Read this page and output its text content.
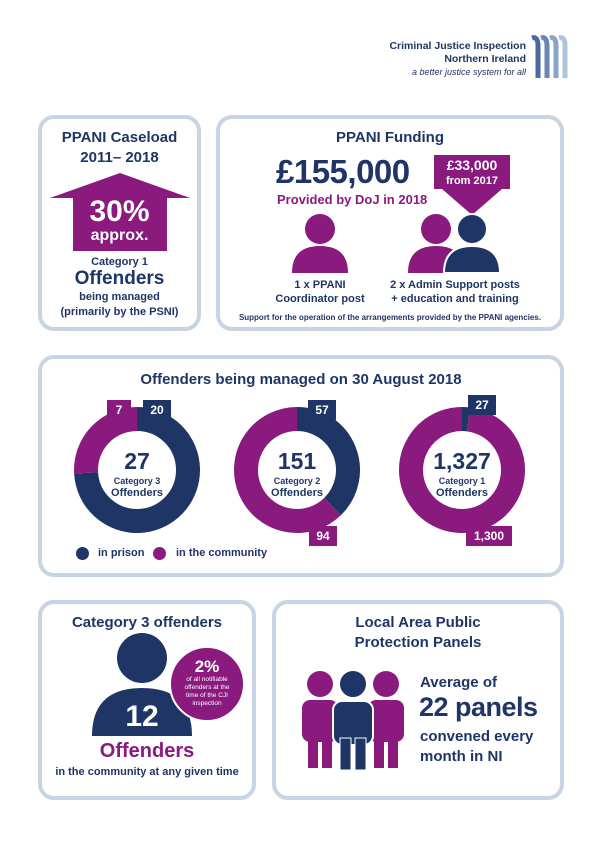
Criminal Justice Inspection
Northern Ireland
a better justice system for all
PPANI Caseload
2011– 2018
30%
approx.
Category 1
Offenders
being managed
(primarily by the PSNI)
PPANI Funding
£155,000
Provided by DoJ in 2018
£33,000
from 2017
1 x PPANI
Coordinator post
2 x Admin Support posts
+ education and training
Support for the operation of the arrangements provided by the PPANI agencies.
Offenders being managed on 30 August 2018
27
Category 3
Offenders
151
Category 2
Offenders
1,327
Category 1
Offenders
7	20	57
94
27
1,300
in prison	in the community
Category 3 offenders
12
2%
of all notifiable offenders at the time of the CJI inspection
Offenders
in the community at any given time
Local Area Public
Protection Panels
Average of
22 panels
convened every
month in NI
